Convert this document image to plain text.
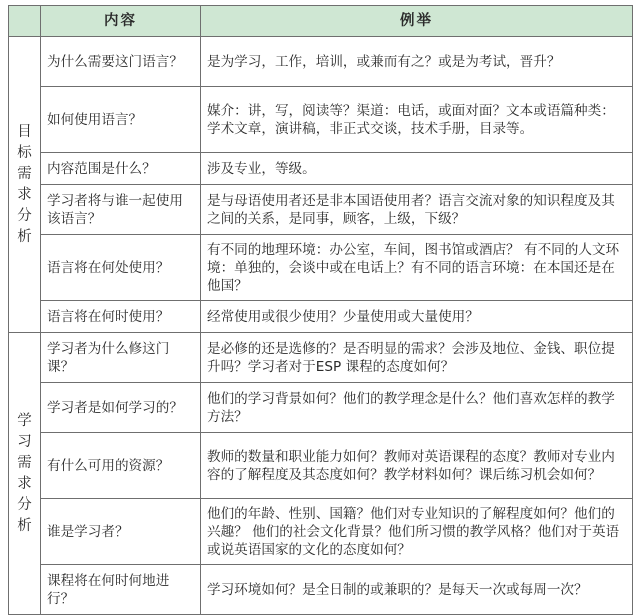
	内容	例举
目标需求分析	为什么需要这门语言？	是为学习，工作，培训，或兼而有之？或是为考试，晋升？
	如何使用语言？	媒介：讲，写，阅读等？渠道：电话，或面对面？文本或语篇种类：学术文章，演讲稿，非正式交谈，技术手册，目录等。
	内容范围是什么？	涉及专业，等级。
	学习者将与谁一起使用该语言？	是与母语使用者还是非本国语使用者？语言交流对象的知识程度及其之间的关系，是同事，顾客，上级，下级？
	语言将在何处使用？	有不同的地理环境：办公室，车间，图书馆或酒店？ 有不同的人文环境：单独的，会谈中或在电话上？有不同的语言环境：在本国还是在他国？
	语言将在何时使用？	经常使用或很少使用？少量使用或大量使用？
学习需求分析	学习者为什么修这门课？	是必修的还是选修的？是否明显的需求？会涉及地位、金钱、职位提升吗？学习者对于ESP 课程的态度如何？
	学习者是如何学习的？	他们的学习背景如何？他们的教学理念是什么？他们喜欢怎样的教学方法？
	有什么可用的资源？	教师的数量和职业能力如何？教师对英语课程的态度？教师对专业内容的了解程度及其态度如何？教学材料如何？课后练习机会如何？
	谁是学习者？	他们的年龄、性别、国籍？他们对专业知识的了解程度如何？他们的兴趣？ 他们的社会文化背景？他们所习惯的教学风格？他们对于英语或说英语国家的文化的态度如何？
	课程将在何时何地进行？	学习环境如何？是全日制的或兼职的？是每天一次或每周一次？
